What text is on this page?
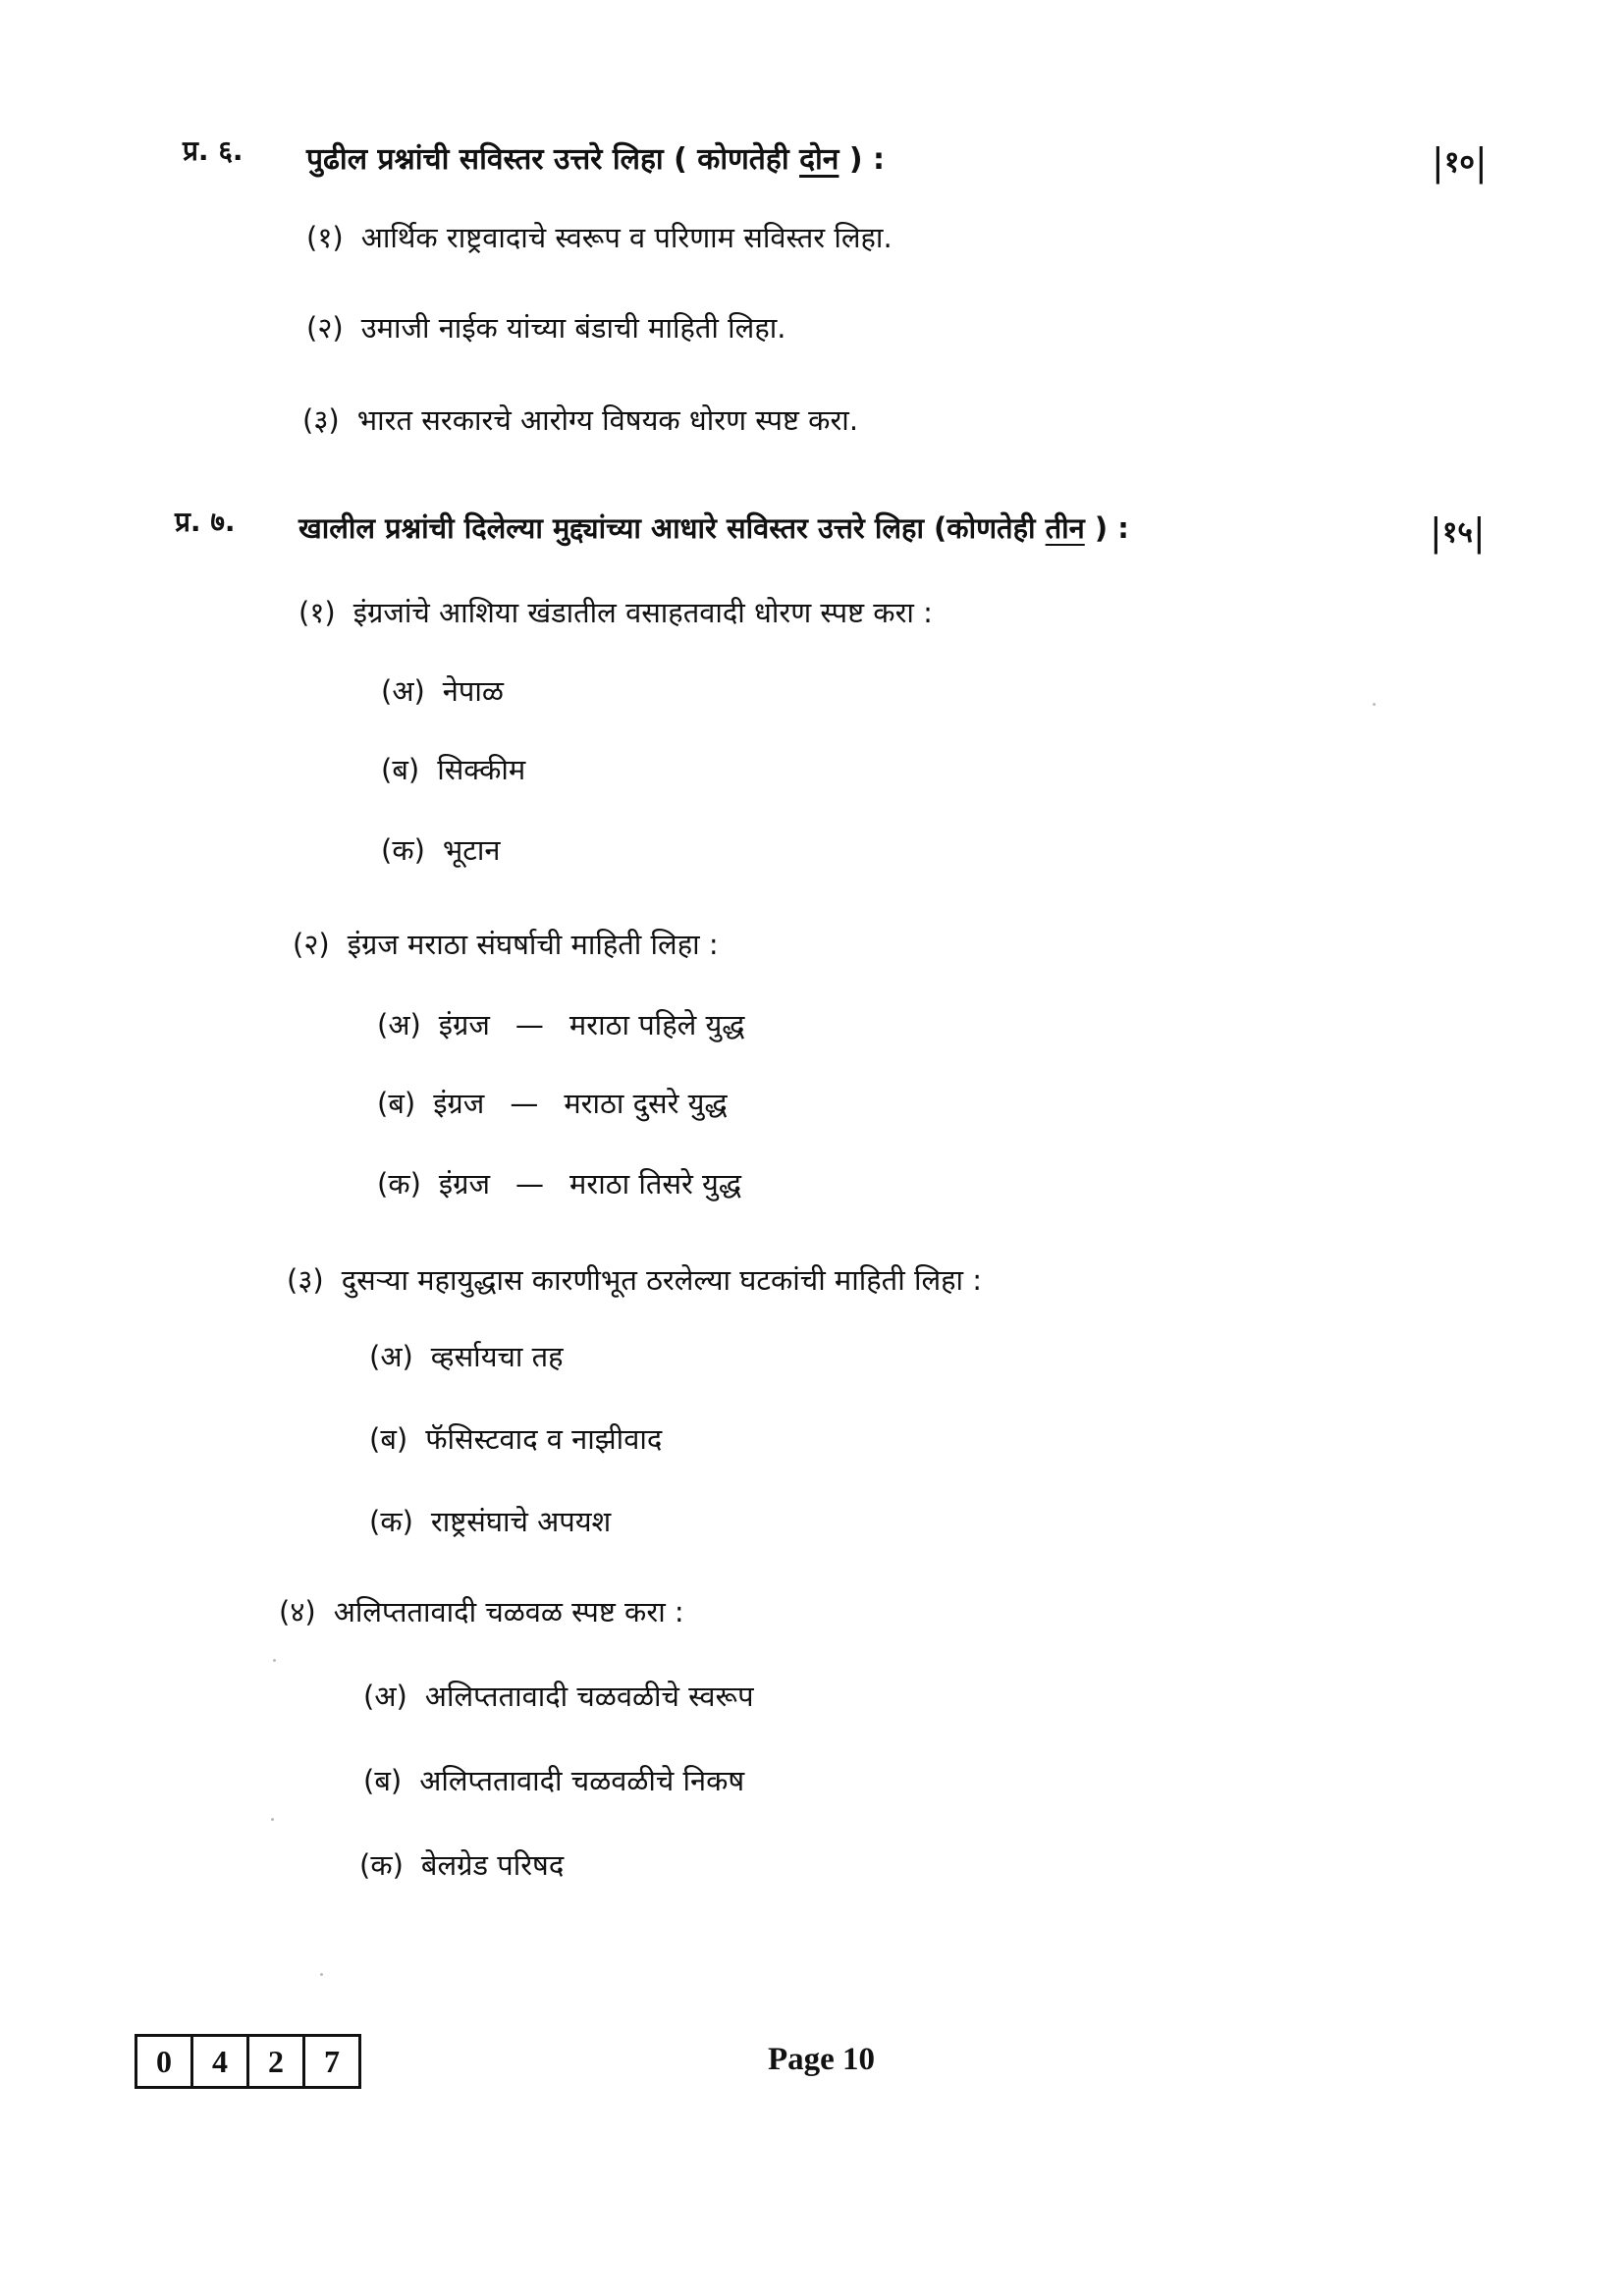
प्र. ६. पुढील प्रश्नांची सविस्तर उत्तरे लिहा ( कोणतेही दोन ) :	|१०|
(१) आर्थिक राष्ट्रवादाचे स्वरूप व परिणाम सविस्तर लिहा.
(२) उमाजी नाईक यांच्या बंडाची माहिती लिहा.
(३) भारत सरकारचे आरोग्य विषयक धोरण स्पष्ट करा.
प्र. ७. खालील प्रश्नांची दिलेल्या मुद्द्यांच्या आधारे सविस्तर उत्तरे लिहा (कोणतेही तीन ) :	|१५|
(१) इंग्रजांचे आशिया खंडातील वसाहतवादी धोरण स्पष्ट करा :
(अ) नेपाळ
(ब) सिक्कीम
(क) भूटान
(२) इंग्रज मराठा संघर्षाची माहिती लिहा :
(अ) इंग्रज — मराठा पहिले युद्ध
(ब) इंग्रज — मराठा दुसरे युद्ध
(क) इंग्रज — मराठा तिसरे युद्ध
(३) दुसऱ्या महायुद्धास कारणीभूत ठरलेल्या घटकांची माहिती लिहा :
(अ) व्हर्सायचा तह
(ब) फॅसिस्टवाद व नाझीवाद
(क) राष्ट्रसंघाचे अपयश
(४) अलिप्ततावादी चळवळ स्पष्ट करा :
(अ) अलिप्ततावादी चळवळीचे स्वरूप
(ब) अलिप्ततावादी चळवळीचे निकष
(क) बेलग्रेड परिषद
0	4	2	7	Page 10
